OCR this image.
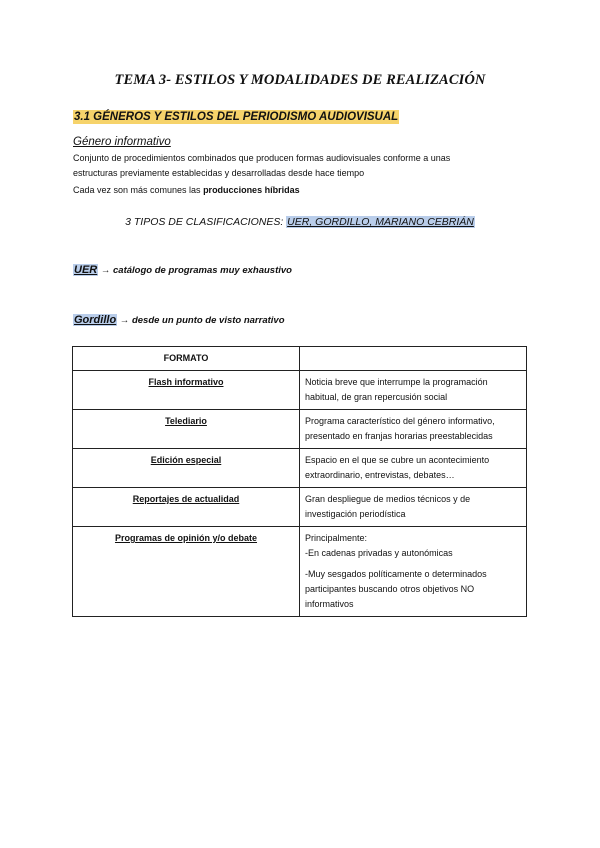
TEMA 3- ESTILOS Y MODALIDADES DE REALIZACIÓN
3.1 GÉNEROS Y ESTILOS DEL PERIODISMO AUDIOVISUAL
Género informativo
Conjunto de procedimientos combinados que producen formas audiovisuales conforme a unas
estructuras previamente establecidas y desarrolladas desde hace tiempo
Cada vez son más comunes las producciones híbridas
3 TIPOS DE CLASIFICACIONES: UER, GORDILLO, MARIANO CEBRIÁN
UER → catálogo de programas muy exhaustivo
Gordillo → desde un punto de visto narrativo
FORMATO	
Flash informativo	Noticia breve que interrumpe la programación
habitual, de gran repercusión social

Telediario	Programa característico del género informativo,
presentado en franjas horarias preestablecidas

Edición especial	Espacio en el que se cubre un acontecimiento
extraordinario, entrevistas, debates…

Reportajes de actualidad	Gran despliegue de medios técnicos y de
investigación periodística

Programas de opinión y/o debate	Principalmente:
-En cadenas privadas y autonómicas
-Muy sesgados políticamente o determinados
participantes buscando otros objetivos NO
informativos
